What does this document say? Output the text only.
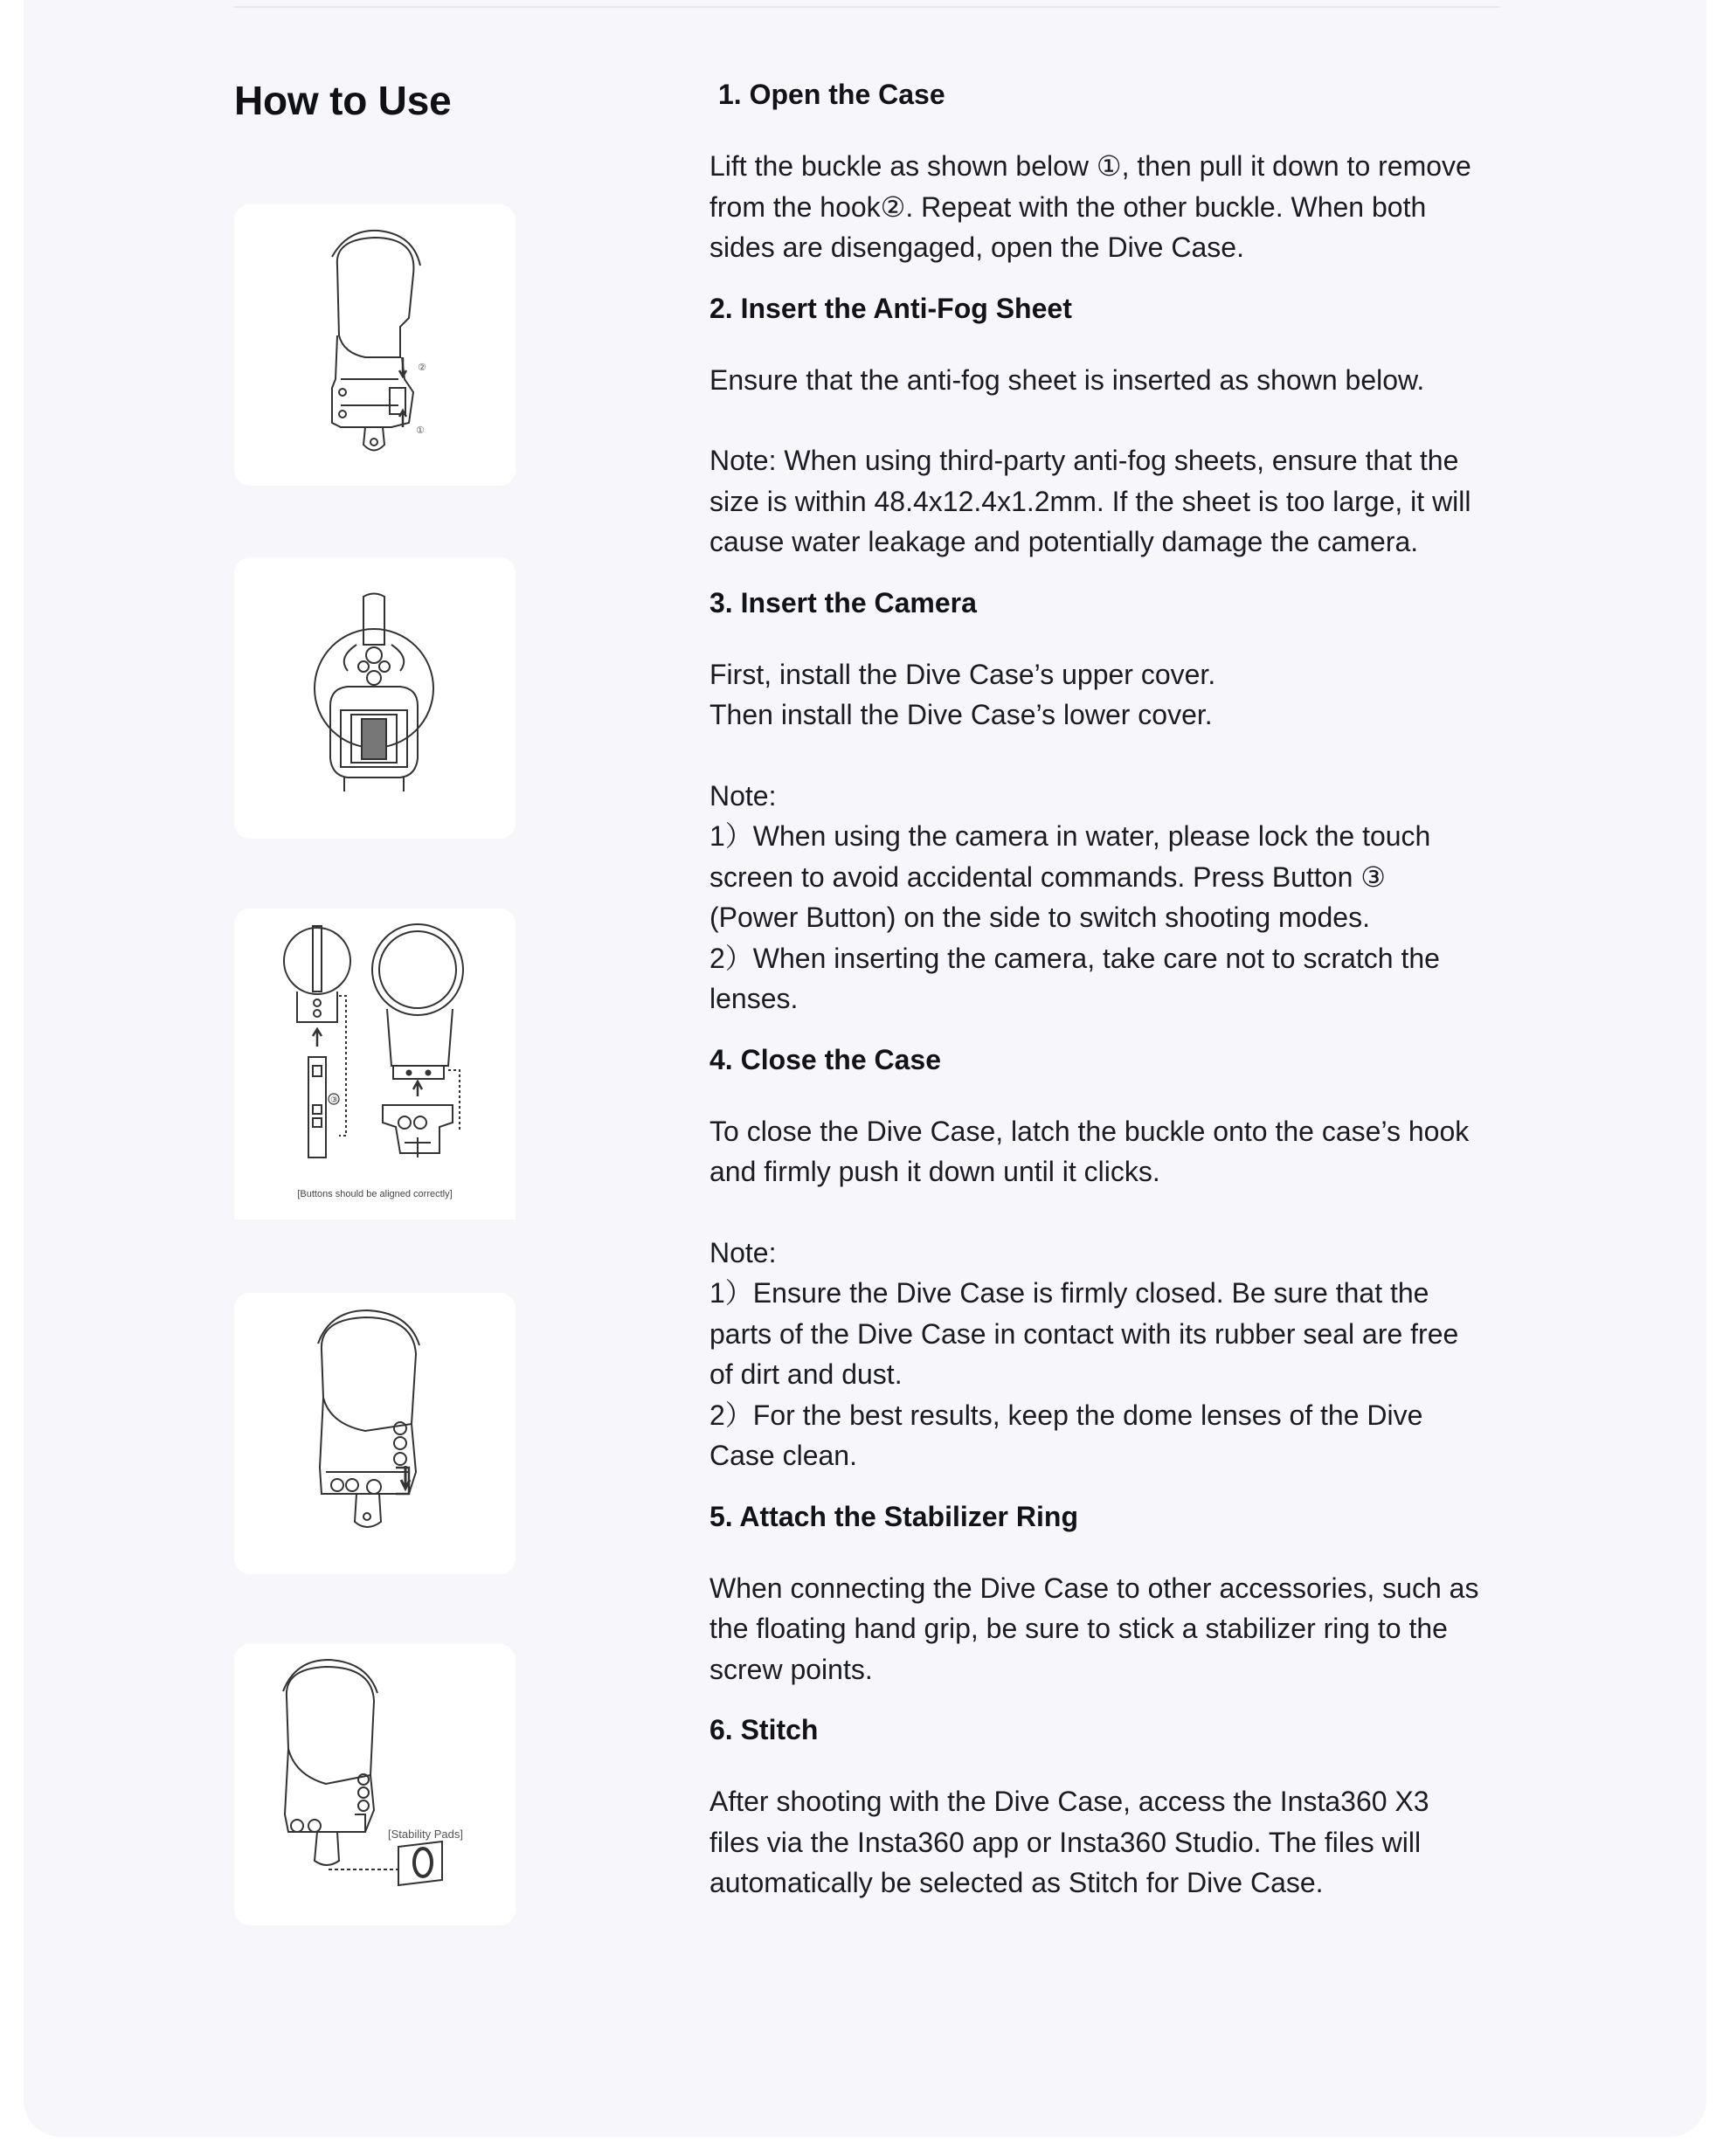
How to Use
②
①
③
[Buttons should be aligned correctly]
[Stability Pads]
1. Open the Case

Lift the buckle as shown below ①, then pull it down to remove
from the hook②. Repeat with the other buckle. When both
sides are disengaged, open the Dive Case.

2. Insert the Anti-Fog Sheet

Ensure that the anti-fog sheet is inserted as shown below.

Note: When using third-party anti-fog sheets, ensure that the
size is within 48.4x12.4x1.2mm. If the sheet is too large, it will
cause water leakage and potentially damage the camera.

3. Insert the Camera

First, install the Dive Case’s upper cover.
Then install the Dive Case’s lower cover.

Note:
1）When using the camera in water, please lock the touch
screen to avoid accidental commands. Press Button ③
(Power Button) on the side to switch shooting modes.
2）When inserting the camera, take care not to scratch the
lenses.

4. Close the Case

To close the Dive Case, latch the buckle onto the case’s hook
and firmly push it down until it clicks.

Note:
1）Ensure the Dive Case is firmly closed. Be sure that the
parts of the Dive Case in contact with its rubber seal are free
of dirt and dust.
2）For the best results, keep the dome lenses of the Dive
Case clean.

5. Attach the Stabilizer Ring

When connecting the Dive Case to other accessories, such as
the floating hand grip, be sure to stick a stabilizer ring to the
screw points.

6. Stitch

After shooting with the Dive Case, access the Insta360 X3
files via the Insta360 app or Insta360 Studio. The files will
automatically be selected as Stitch for Dive Case.
